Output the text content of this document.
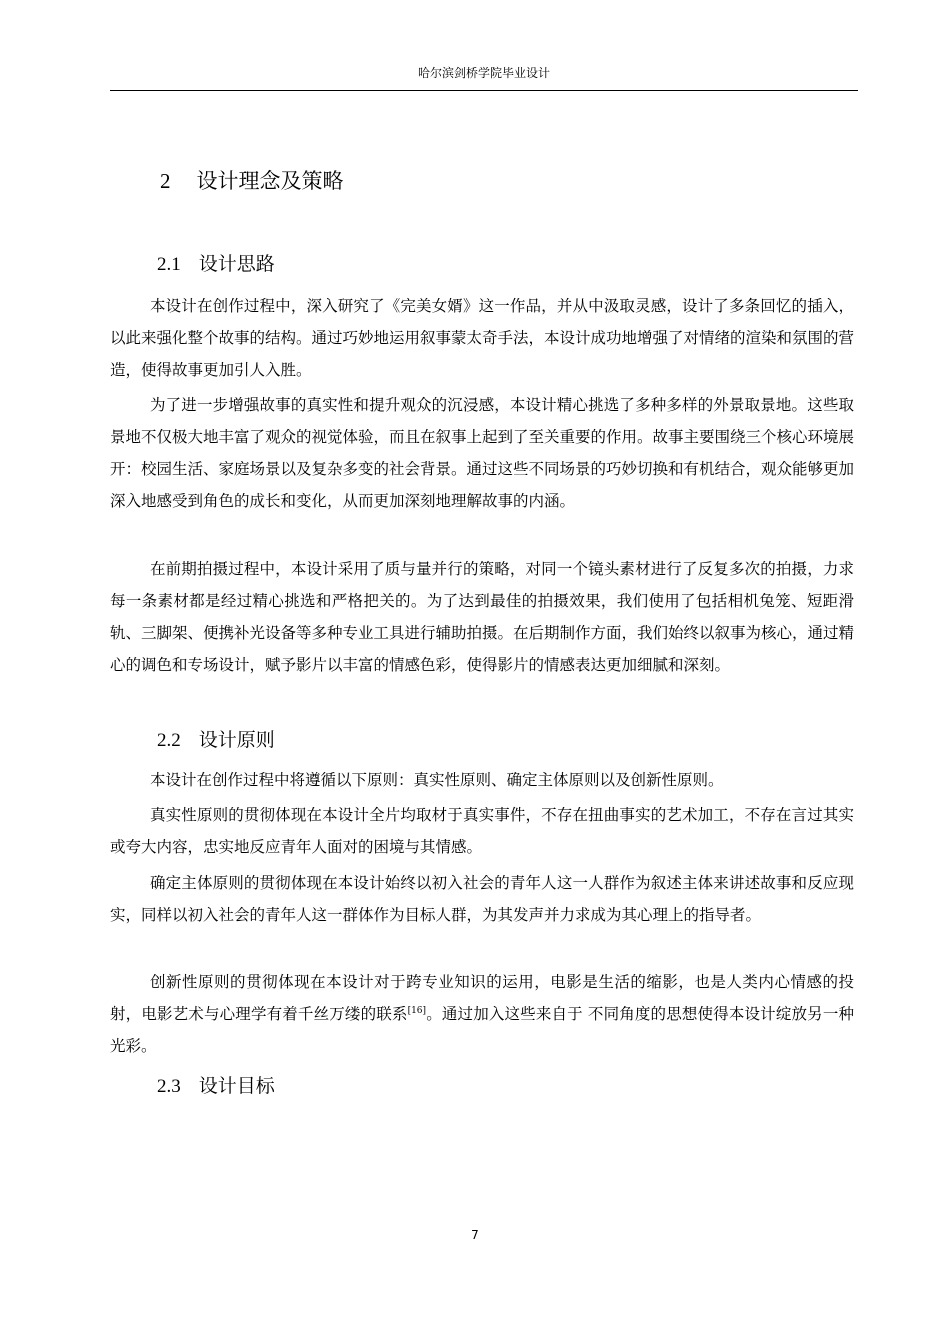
哈尔滨剑桥学院毕业设计
2 设计理念及策略
2.1 设计思路

本设计在创作过程中，深入研究了《完美女婿》这一作品，并从中汲取灵感，设计了多条回忆的插入，以此来强化整个故事的结构。通过巧妙地运用叙事蒙太奇手法，本设计成功地增强了对情绪的渲染和氛围的营造，使得故事更加引人入胜。

为了进一步增强故事的真实性和提升观众的沉浸感，本设计精心挑选了多种多样的外景取景地。这些取景地不仅极大地丰富了观众的视觉体验，而且在叙事上起到了至关重要的作用。故事主要围绕三个核心环境展开：校园生活、家庭场景以及复杂多变的社会背景。通过这些不同场景的巧妙切换和有机结合，观众能够更加深入地感受到角色的成长和变化，从而更加深刻地理解故事的内涵。

在前期拍摄过程中，本设计采用了质与量并行的策略，对同一个镜头素材进行了反复多次的拍摄，力求每一条素材都是经过精心挑选和严格把关的。为了达到最佳的拍摄效果，我们使用了包括相机兔笼、短距滑轨、三脚架、便携补光设备等多种专业工具进行辅助拍摄。在后期制作方面，我们始终以叙事为核心，通过精心的调色和专场设计，赋予影片以丰富的情感色彩，使得影片的情感表达更加细腻和深刻。

2.2 设计原则

本设计在创作过程中将遵循以下原则：真实性原则、确定主体原则以及创新性原则。

真实性原则的贯彻体现在本设计全片均取材于真实事件，不存在扭曲事实的艺术加工，不存在言过其实或夸大内容，忠实地反应青年人面对的困境与其情感。

确定主体原则的贯彻体现在本设计始终以初入社会的青年人这一人群作为叙述主体来讲述故事和反应现实，同样以初入社会的青年人这一群体作为目标人群，为其发声并力求成为其心理上的指导者。

创新性原则的贯彻体现在本设计对于跨专业知识的运用，电影是生活的缩影，也是人类内心情感的投射，电影艺术与心理学有着千丝万缕的联系[16]。通过加入这些来自于 不同角度的思想使得本设计绽放另一种光彩。

2.3 设计目标
7
